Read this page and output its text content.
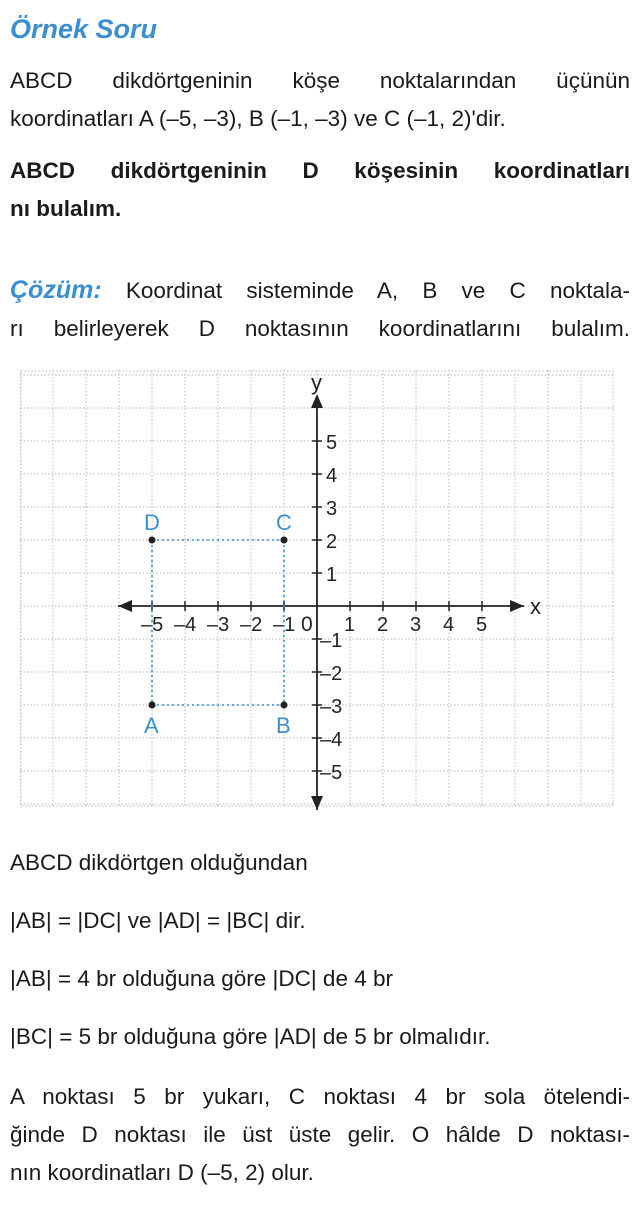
Örnek Soru
ABCD dikdörtgeninin köşe noktalarından üçünün
koordinatları A (–5, –3), B (–1, –3) ve C (–1, 2)'dir.
ABCD dikdörtgeninin D köşesinin koordinatları
nı bulalım.
Çözüm: Koordinat sisteminde A, B ve C noktala-
rı belirleyerek D noktasının koordinatlarını bulalım.
x
y
0
–5 –4 –3 –2 –1 1 2 3 4 5
–5
–4
–3
–2
–1
1
2
3
4
5
A	B
C
D
ABCD dikdörtgen olduğundan
|AB| = |DC| ve |AD| = |BC| dir.
|AB| = 4 br olduğuna göre |DC| de 4 br
|BC| = 5 br olduğuna göre |AD| de 5 br olmalıdır.
A noktası 5 br yukarı, C noktası 4 br sola ötelendi-
ğinde D noktası ile üst üste gelir. O hâlde D noktası-
nın koordinatları D (–5, 2) olur.
